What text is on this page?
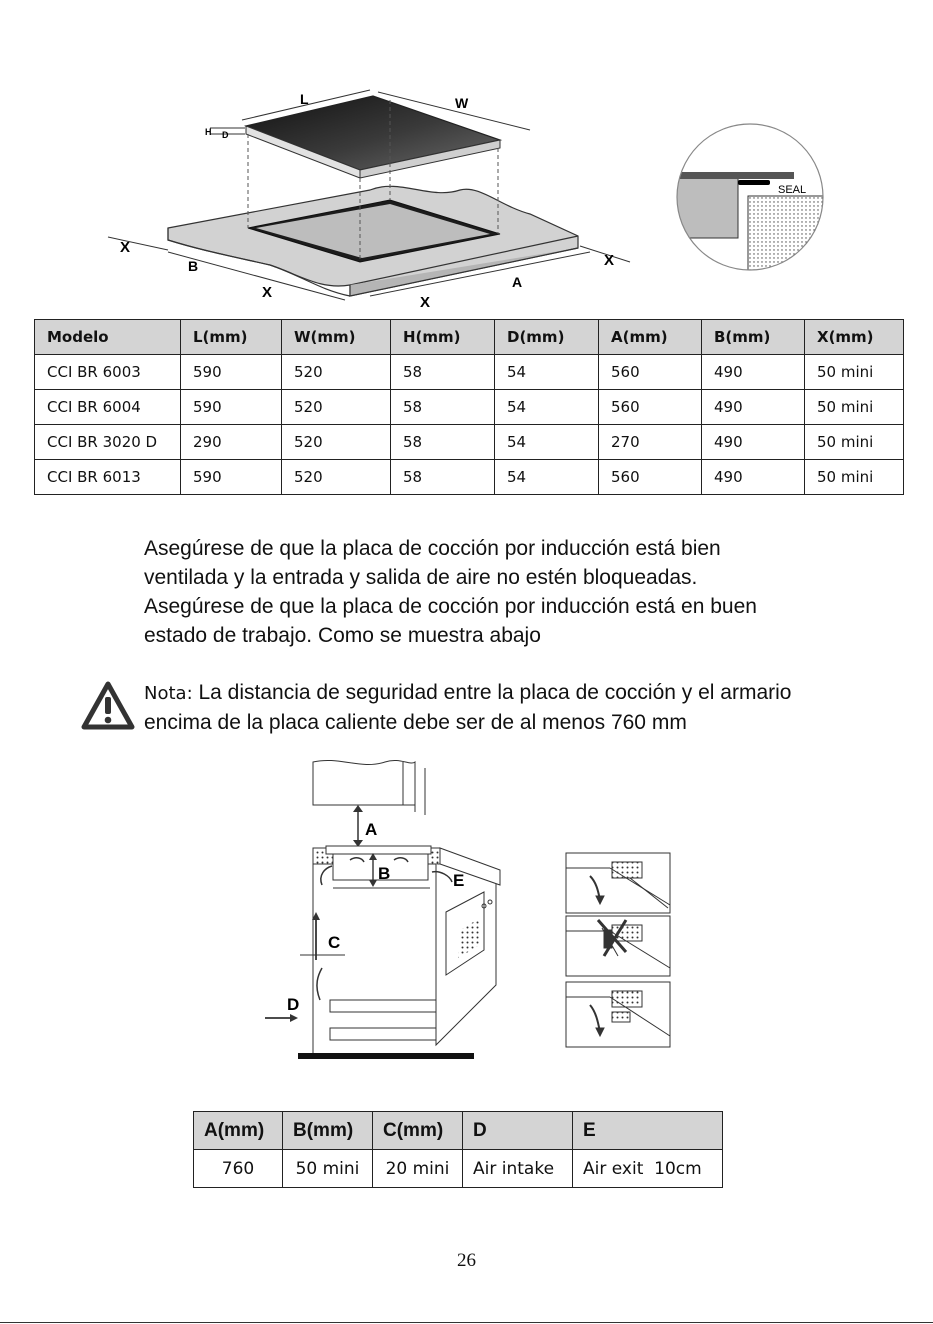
L	W
H D
X
B
X
X
A
X
SEAL
Modelo	L(mm)	W(mm)	H(mm)	D(mm)	A(mm)	B(mm)	X(mm)
CCI BR 6003	590	520	58	54	560	490	50 mini
CCI BR 6004	590	520	58	54	560	490	50 mini
CCI BR 3020 D	290	520	58	54	270	490	50 mini
CCI BR 6013	590	520	58	54	560	490	50 mini
Asegúrese de que la placa de cocción por inducción está bien
ventilada y la entrada y salida de aire no estén bloqueadas.
Asegúrese de que la placa de cocción por inducción está en buen
estado de trabajo. Como se muestra abajo
Nota: La distancia de seguridad entre la placa de cocción y el armario
encima de la placa caliente debe ser de al menos 760 mm
A
B	E
C
D
A(mm)	B(mm)	C(mm)	D	E
760	50 mini	20 mini	Air intake	Air exit  10cm
26
